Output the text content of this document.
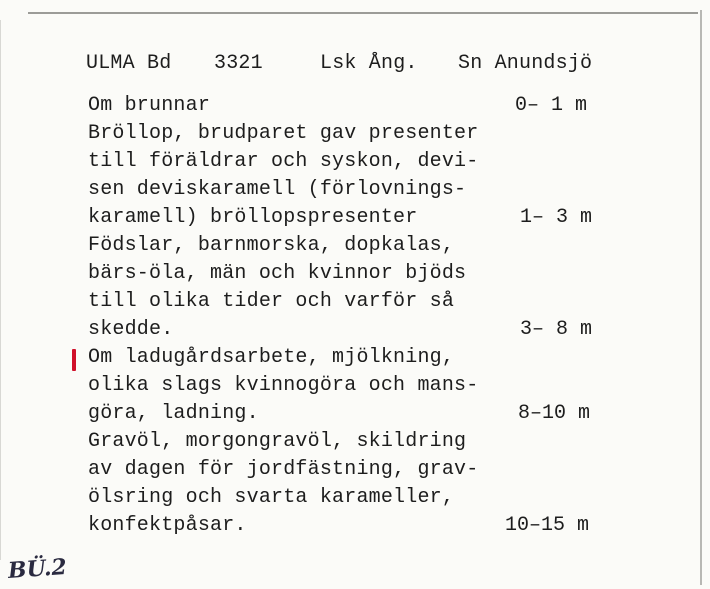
ULMA Bd 3321	Lsk Ång. Sn Anundsjö
Om brunnar	0– 1 m
Bröllop, brudparet gav presenter
till föräldrar och syskon, devi-
sen deviskaramell (förlovnings-
karamell) bröllopspresenter	1– 3 m
Födslar, barnmorska, dopkalas,
bärs-öla, män och kvinnor bjöds
till olika tider och varför så
skedde.	3– 8 m
Om ladugårdsarbete, mjölkning,
olika slags kvinnogöra och mans-
göra, ladning.	8–10 m
Gravöl, morgongravöl, skildring
av dagen för jordfästning, grav-
ölsring och svarta karameller,
konfektpåsar.	10–15 m
BÜ.2
